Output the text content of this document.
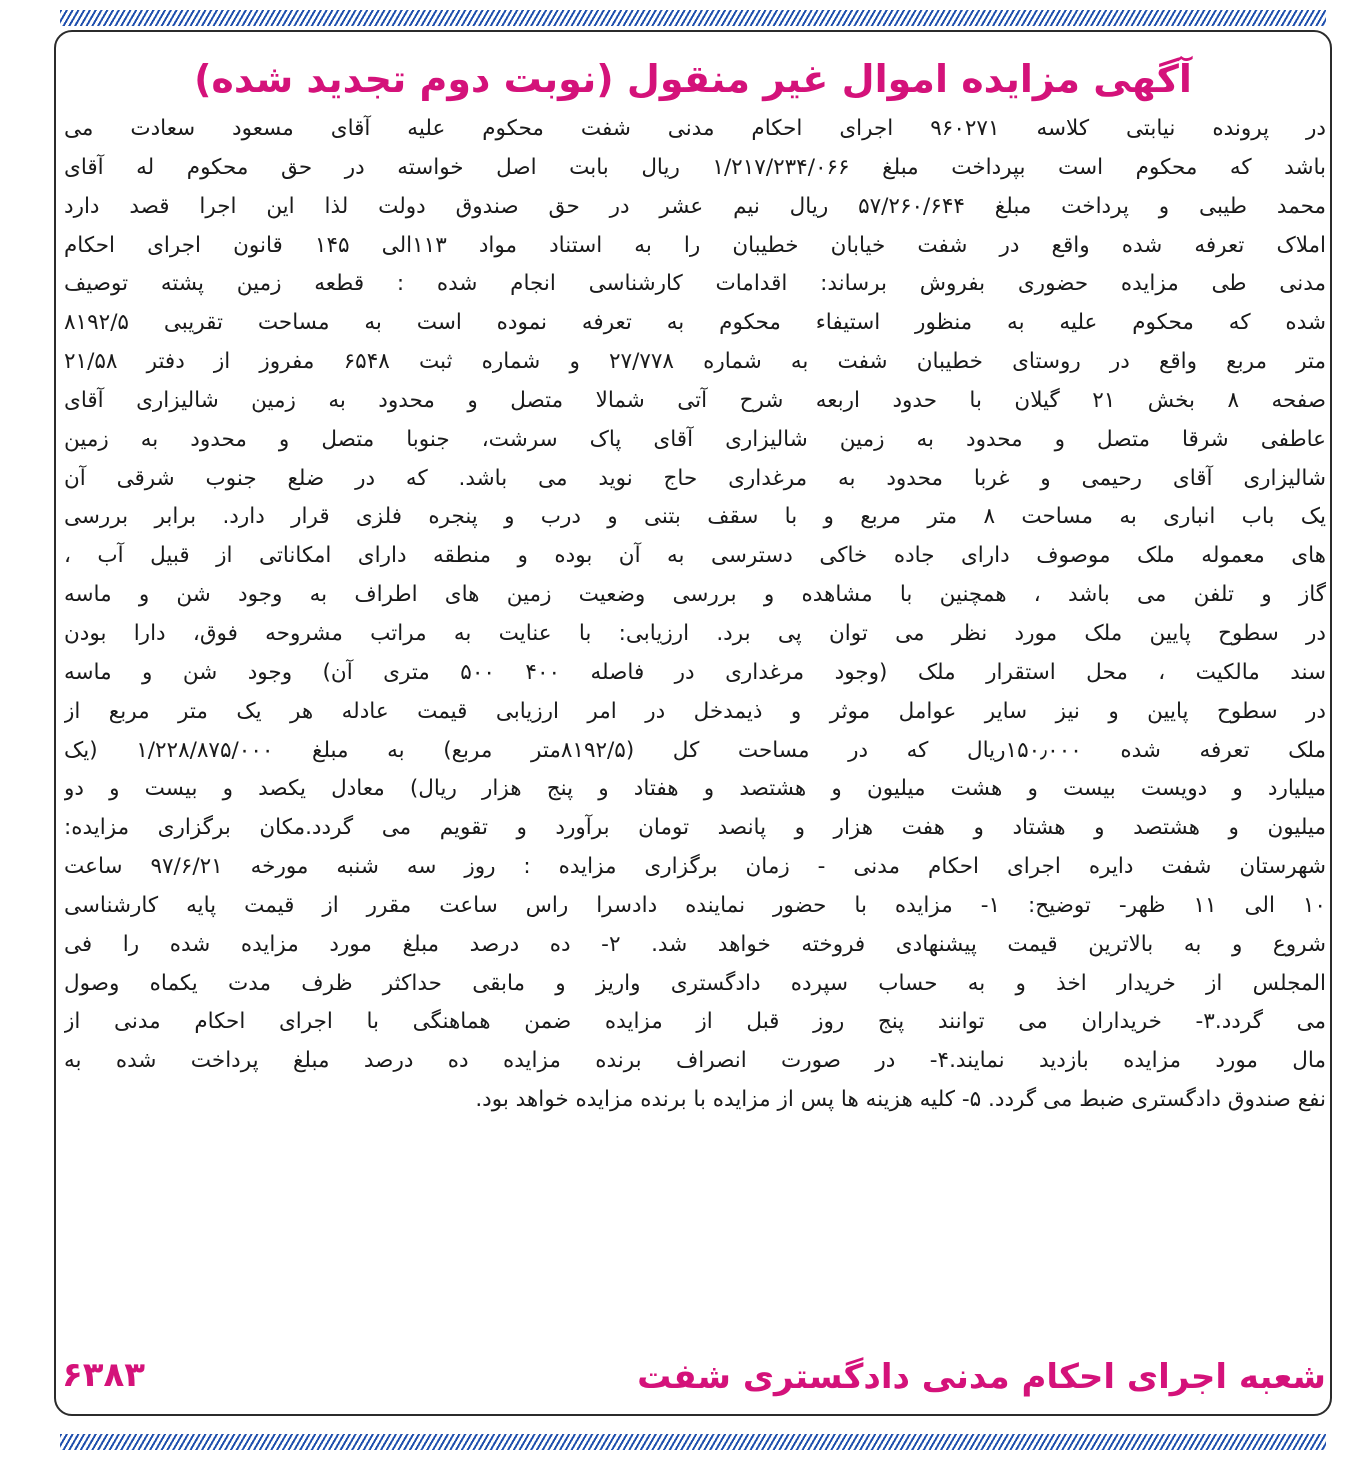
آگهی مزایده اموال غیر منقول (نوبت دوم تجدید شده)
در پرونده نیابتی کلاسه ۹۶۰۲۷۱ اجرای احکام مدنی شفت محکوم علیه آقای مسعود سعادت می
باشد که محکوم است بپرداخت مبلغ ۱/۲۱۷/۲۳۴/۰۶۶ ریال بابت اصل خواسته در حق محکوم له آقای
محمد طیبی و پرداخت مبلغ ۵۷/۲۶۰/۶۴۴ ریال نیم عشر در حق صندوق دولت لذا این اجرا قصد دارد
املاک تعرفه شده واقع در شفت خیابان خطیبان را به استناد مواد ۱۱۳الی ۱۴۵ قانون اجرای احکام
مدنی طی مزایده حضوری بفروش برساند: اقدامات کارشناسی انجام شده : قطعه زمین پشته توصیف
شده که محکوم علیه به منظور استیفاء محکوم به تعرفه نموده است به مساحت تقریبی ۸۱۹۲/۵
متر مربع واقع در روستای خطیبان شفت به شماره ۲۷/۷۷۸ و شماره ثبت ۶۵۴۸ مفروز از دفتر ۲۱/۵۸
صفحه ۸ بخش ۲۱ گیلان با حدود اربعه شرح آتی شمالا متصل و محدود به زمین شالیزاری آقای
عاطفی شرقا متصل و محدود به زمین شالیزاری آقای پاک سرشت، جنوبا متصل و محدود به زمین
شالیزاری آقای رحیمی و غربا محدود به مرغداری حاج نوید می باشد. که در ضلع جنوب شرقی آن
یک باب انباری به مساحت ۸ متر مربع و با سقف بتنی و درب و پنجره فلزی قرار دارد. برابر بررسی
های معموله ملک موصوف دارای جاده خاکی دسترسی به آن بوده و منطقه دارای امکاناتی از قبیل آب ،
گاز و تلفن می باشد ، همچنین با مشاهده و بررسی وضعیت زمین های اطراف به وجود شن و ماسه
در سطوح پایین ملک مورد نظر می توان پی برد. ارزیابی: با عنایت به مراتب مشروحه فوق، دارا بودن
سند مالکیت ، محل استقرار ملک (وجود مرغداری در فاصله ۴۰۰ ۵۰۰ متری آن) وجود شن و ماسه
در سطوح پایین و نیز سایر عوامل موثر و ذیمدخل در امر ارزیابی قیمت عادله هر یک متر مربع از
ملک تعرفه شده ۱۵۰٫۰۰۰ریال که در مساحت کل (۸۱۹۲/۵متر مربع) به مبلغ ۱/۲۲۸/۸۷۵/۰۰۰ (یک
میلیارد و دویست بیست و هشت میلیون و هشتصد و هفتاد و پنج هزار ریال) معادل یکصد و بیست و دو
میلیون و هشتصد و هشتاد و هفت هزار و پانصد تومان برآورد و تقویم می گردد.مکان برگزاری مزایده:
شهرستان شفت دایره اجرای احکام مدنی - زمان برگزاری مزایده : روز سه شنبه مورخه ۹۷/۶/۲۱ ساعت
۱۰ الی ۱۱ ظهر- توضیح: ۱- مزایده با حضور نماینده دادسرا راس ساعت مقرر از قیمت پایه کارشناسی
شروع و به بالاترین قیمت پیشنهادی فروخته خواهد شد. ۲- ده درصد مبلغ مورد مزایده شده را فی
المجلس از خریدار اخذ و به حساب سپرده دادگستری واریز و مابقی حداکثر ظرف مدت یکماه وصول
می گردد.۳- خریداران می توانند پنج روز قبل از مزایده ضمن هماهنگی با اجرای احکام مدنی از
مال مورد مزایده بازدید نمایند.۴- در صورت انصراف برنده مزایده ده درصد مبلغ پرداخت شده به
نفع صندوق دادگستری ضبط می گردد. ۵- کلیه هزینه ها پس از مزایده با برنده مزایده خواهد بود.
شعبه اجرای احکام مدنی دادگستری شفت
۶۳۸۳
